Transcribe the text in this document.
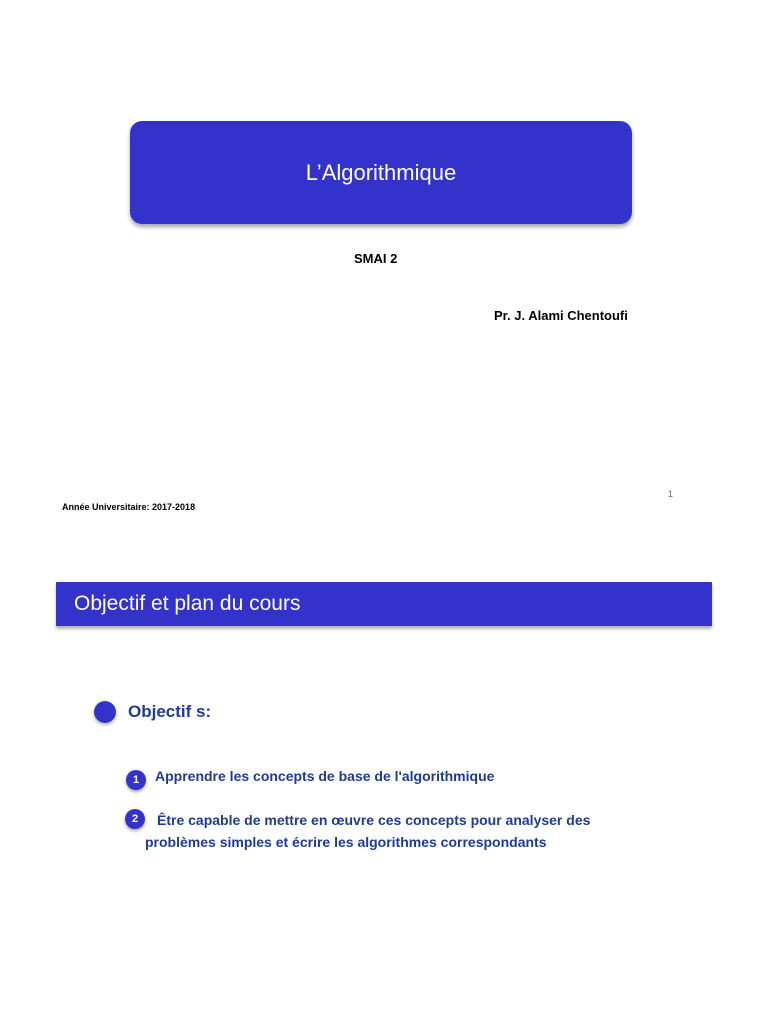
L’Algorithmique
SMAI 2
Pr. J. Alami Chentoufi
1
Année Universitaire: 2017-2018
Objectif et plan du cours
Objectif s:
1	Apprendre les concepts de base de l'algorithmique
2	Être capable de mettre en œuvre ces concepts pour analyser des
problèmes simples et écrire les algorithmes correspondants
